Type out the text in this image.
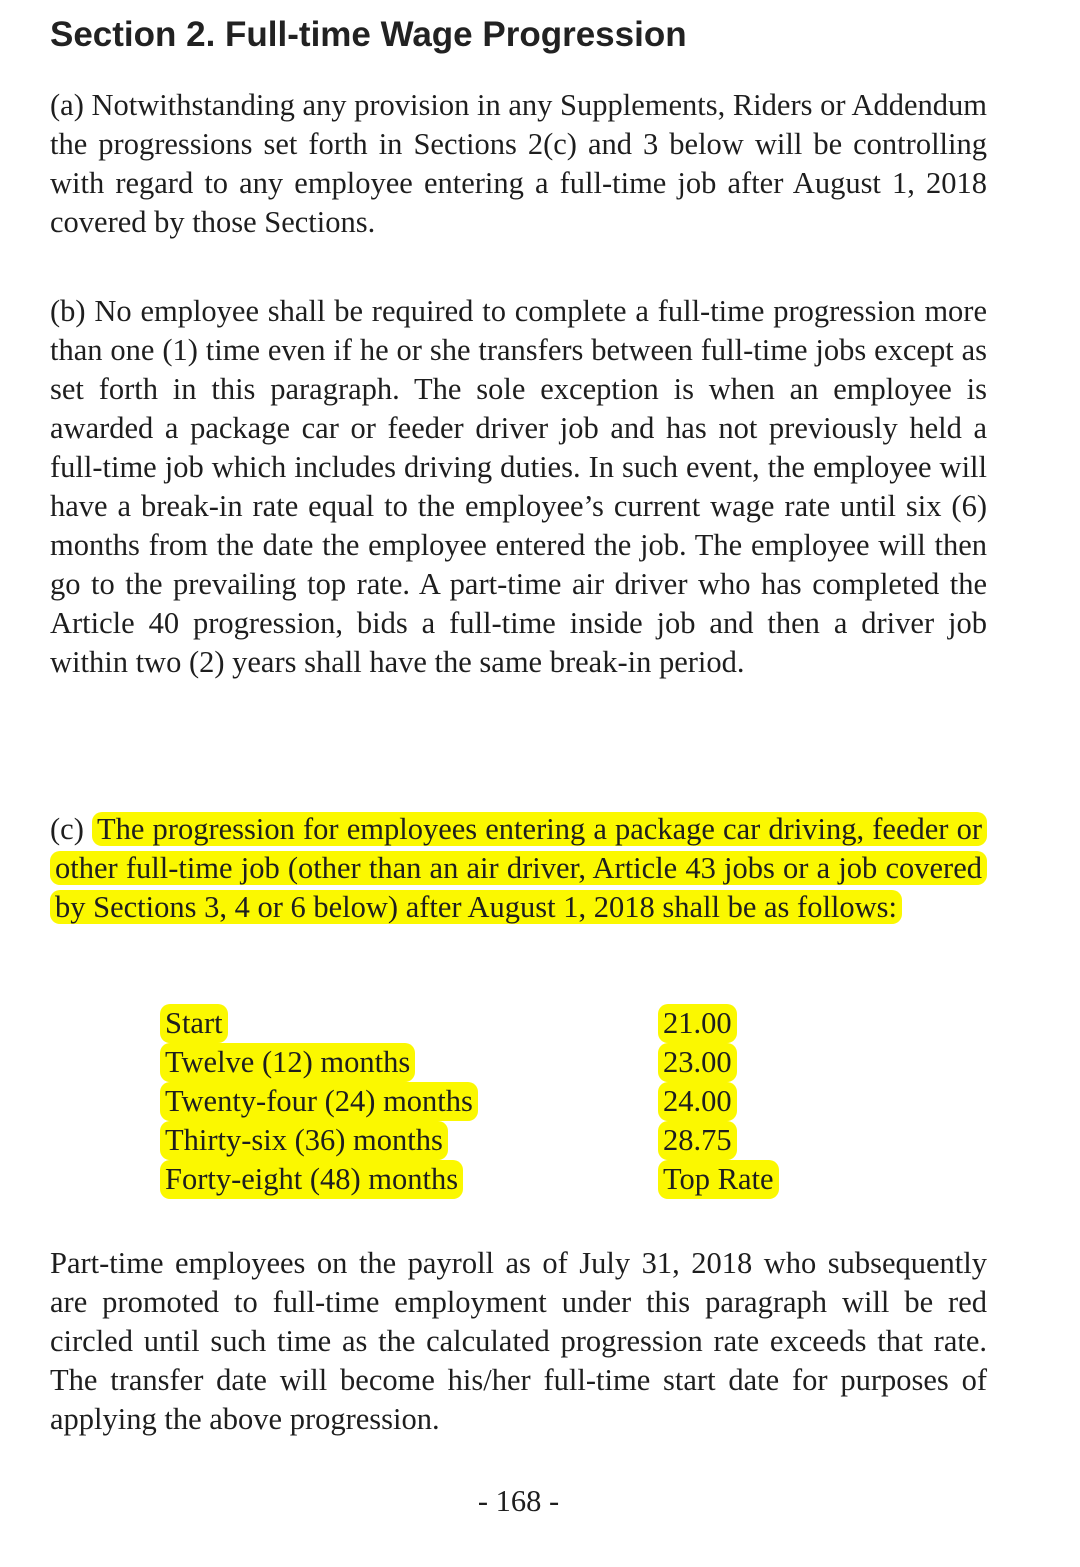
Section 2. Full-time Wage Progression

(a) Notwithstanding any provision in any Supplements, Riders or Addendum the progressions set forth in Sections 2(c) and 3 below will be controlling with regard to any employee entering a full-time job after August 1, 2018 covered by those Sections.

(b) No employee shall be required to complete a full-time progression more than one (1) time even if he or she transfers between full-time jobs except as set forth in this paragraph. The sole exception is when an employee is awarded a package car or feeder driver job and has not previously held a full-time job which includes driving duties. In such event, the employee will have a break-in rate equal to the employee’s current wage rate until six (6) months from the date the employee entered the job. The employee will then go to the prevailing top rate. A part-time air driver who has completed the Article 40 progression, bids a full-time inside job and then a driver job within two (2) years shall have the same break-in period.

(c) The progression for employees entering a package car driving, feeder or other full-time job (other than an air driver, Article 43 jobs or a job covered by Sections 3, 4 or 6 below) after August 1, 2018 shall be as follows:

Start	21.00
Twelve (12) months	23.00
Twenty-four (24) months	24.00
Thirty-six (36) months	28.75
Forty-eight (48) months	Top Rate

Part-time employees on the payroll as of July 31, 2018 who subsequently are promoted to full-time employment under this paragraph will be red circled until such time as the calculated progression rate exceeds that rate. The transfer date will become his/her full-time start date for purposes of applying the above progression.

- 168 -
